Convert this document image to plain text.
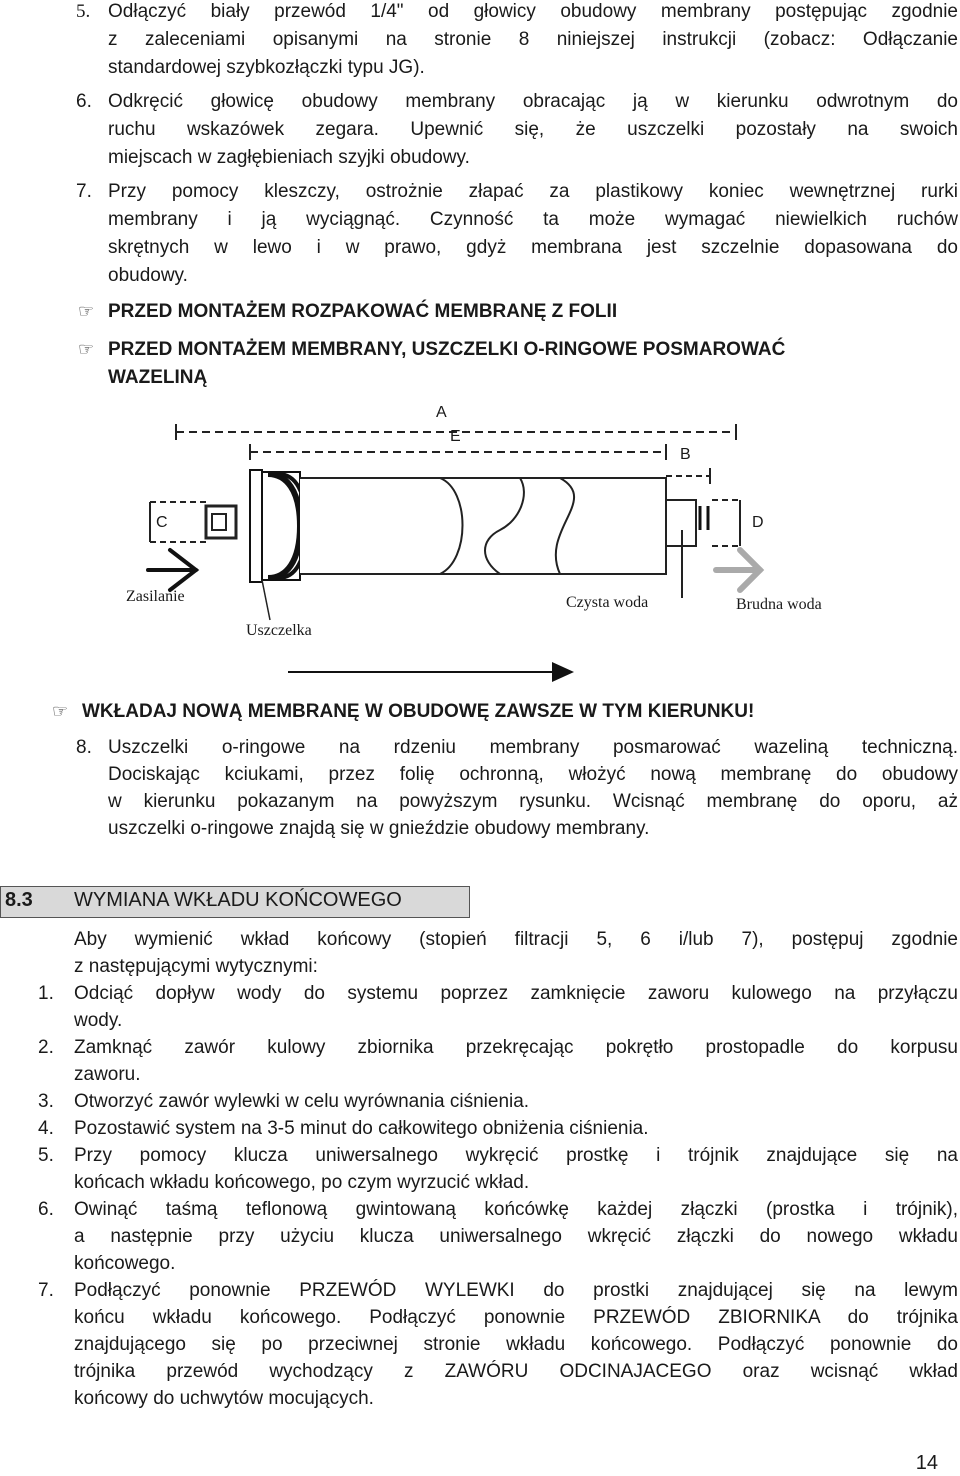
5. Odłączyć biały przewód 1/4" od głowicy obudowy membrany postępując zgodnie
z zaleceniami opisanymi na stronie 8 niniejszej instrukcji (zobacz: Odłączanie
standardowej szybkozłączki typu JG).
6. Odkręcić głowicę obudowy membrany obracając ją w kierunku odwrotnym do
ruchu wskazówek zegara. Upewnić się, że uszczelki pozostały na swoich
miejscach w zagłębieniach szyjki obudowy.
7. Przy pomocy kleszczy, ostrożnie złapać za plastikowy koniec wewnętrznej rurki
membrany i ją wyciągnąć. Czynność ta może wymagać niewielkich ruchów
skrętnych w lewo i w prawo, gdyż membrana jest szczelnie dopasowana do
obudowy.
☞ PRZED MONTAŻEM ROZPAKOWAĆ MEMBRANĘ Z FOLII
☞ PRZED MONTAŻEM MEMBRANY, USZCZELKI O-RINGOWE POSMAROWAĆ
WAZELINĄ
A
E
B
C	D
Zasilanie
Uszczelka
Czysta woda	Brudna woda
☞ WKŁADAJ NOWĄ MEMBRANĘ W OBUDOWĘ ZAWSZE W TYM KIERUNKU!
8. Uszczelki o-ringowe na rdzeniu membrany posmarować wazeliną techniczną.
Dociskając kciukami, przez folię ochronną, włożyć nową membranę do obudowy
w kierunku pokazanym na powyższym rysunku. Wcisnąć membranę do oporu, aż
uszczelki o-ringowe znajdą się w gnieździe obudowy membrany.
8.3 WYMIANA WKŁADU KOŃCOWEGO
Aby wymienić wkład końcowy (stopień filtracji 5, 6 i/lub 7), postępuj zgodnie
z następującymi wytycznymi:
1. Odciąć dopływ wody do systemu poprzez zamknięcie zaworu kulowego na przyłączu
wody.
2. Zamknąć zawór kulowy zbiornika przekręcając pokrętło prostopadle do korpusu
zaworu.
3. Otworzyć zawór wylewki w celu wyrównania ciśnienia.
4. Pozostawić system na 3-5 minut do całkowitego obniżenia ciśnienia.
5. Przy pomocy klucza uniwersalnego wykręcić prostkę i trójnik znajdujące się na
końcach wkładu końcowego, po czym wyrzucić wkład.
6. Owinąć taśmą teflonową gwintowaną końcówkę każdej złączki (prostka i trójnik),
a następnie przy użyciu klucza uniwersalnego wkręcić złączki do nowego wkładu
końcowego.
7. Podłączyć ponownie PRZEWÓD WYLEWKI do prostki znajdującej się na lewym
końcu wkładu końcowego. Podłączyć ponownie PRZEWÓD ZBIORNIKA do trójnika
znajdującego się po przeciwnej stronie wkładu końcowego. Podłączyć ponownie do
trójnika przewód wychodzący z ZAWÓRU ODCINAJACEGO oraz wcisnąć wkład
końcowy do uchwytów mocujących.
14
